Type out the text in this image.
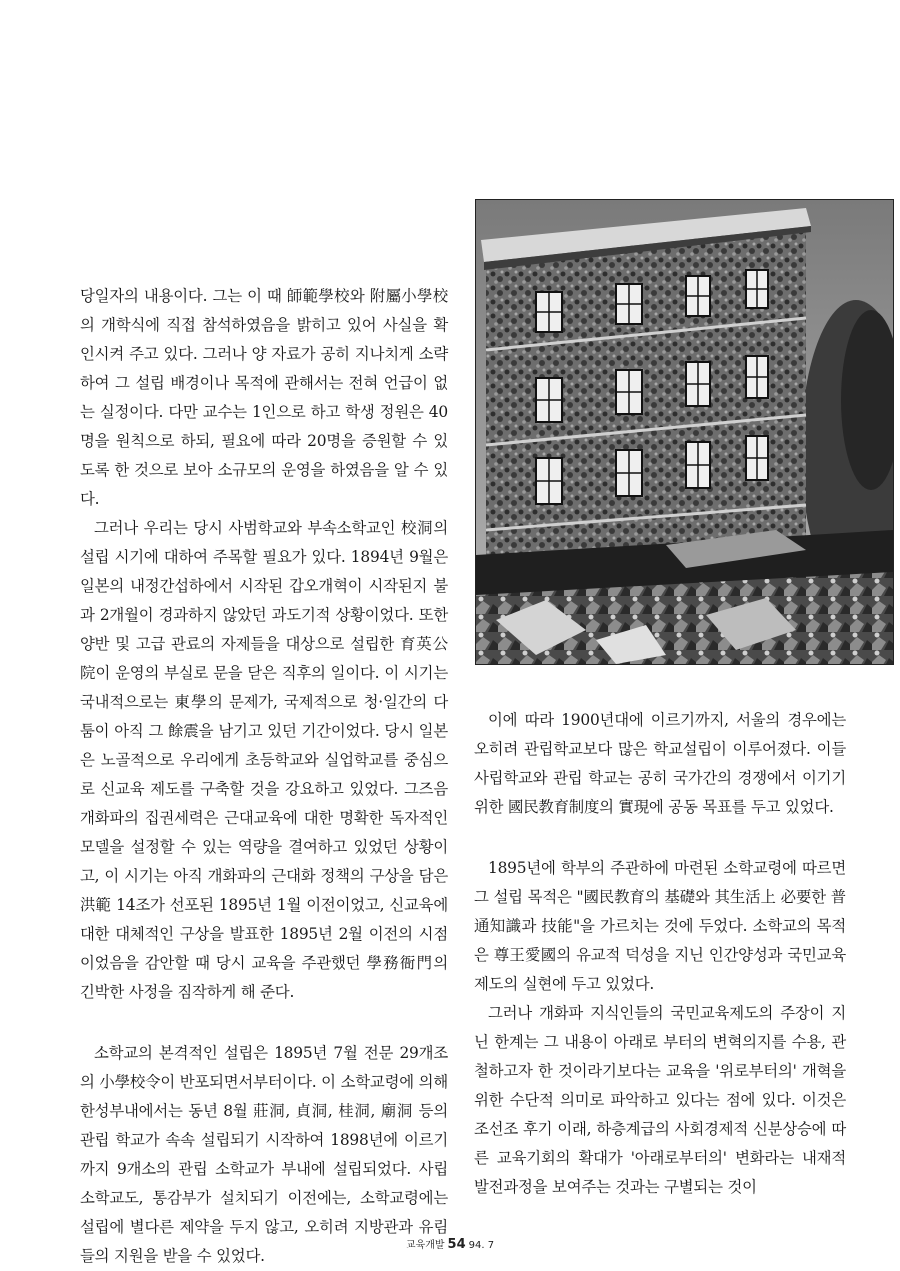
당일자의 내용이다. 그는 이 때 師範學校와 附屬小學校의 개학식에 직접 참석하였음을 밝히고 있어 사실을 확인시켜 주고 있다. 그러나 양 자료가 공히 지나치게 소략하여 그 설립 배경이나 목적에 관해서는 전혀 언급이 없는 실정이다. 다만 교수는 1인으로 하고 학생 정원은 40명을 원칙으로 하되, 필요에 따라 20명을 증원할 수 있도록 한 것으로 보아 소규모의 운영을 하였음을 알 수 있다.

그러나 우리는 당시 사범학교와 부속소학교인 校洞의 설립 시기에 대하여 주목할 필요가 있다. 1894년 9월은 일본의 내정간섭하에서 시작된 갑오개혁이 시작된지 불과 2개월이 경과하지 않았던 과도기적 상황이었다. 또한 양반 및 고급 관료의 자제들을 대상으로 설립한 育英公院이 운영의 부실로 문을 닫은 직후의 일이다. 이 시기는 국내적으로는 東學의 문제가, 국제적으로 청·일간의 다툼이 아직 그 餘震을 남기고 있던 기간이었다. 당시 일본은 노골적으로 우리에게 초등학교와 실업학교를 중심으로 신교육 제도를 구축할 것을 강요하고 있었다. 그즈음 개화파의 집권세력은 근대교육에 대한 명확한 독자적인 모델을 설정할 수 있는 역량을 결여하고 있었던 상황이고, 이 시기는 아직 개화파의 근대화 정책의 구상을 담은 洪範 14조가 선포된 1895년 1월 이전이었고, 신교육에 대한 대체적인 구상을 발표한 1895년 2월 이전의 시점이었음을 감안할 때 당시 교육을 주관했던 學務衙門의 긴박한 사정을 짐작하게 해 준다.

소학교의 본격적인 설립은 1895년 7월 전문 29개조의 小學校令이 반포되면서부터이다. 이 소학교령에 의해 한성부내에서는 동년 8월 莊洞, 貞洞, 桂洞, 廟洞 등의 관립 학교가 속속 설립되기 시작하여 1898년에 이르기까지 9개소의 관립 소학교가 부내에 설립되었다. 사립 소학교도, 통감부가 설치되기 이전에는, 소학교령에는 설립에 별다른 제약을 두지 않고, 오히려 지방관과 유림들의 지원을 받을 수 있었다.

이에 따라 1900년대에 이르기까지, 서울의 경우에는 오히려 관립학교보다 많은 학교설립이 이루어졌다. 이들 사립학교와 관립 학교는 공히 국가간의 경쟁에서 이기기 위한 國民教育制度의 實現에 공동 목표를 두고 있었다.

1895년에 학부의 주관하에 마련된 소학교령에 따르면 그 설립 목적은 "國民教育의 基礎와 其生活上 必要한 普通知識과 技能"을 가르치는 것에 두었다. 소학교의 목적은 尊王愛國의 유교적 덕성을 지닌 인간양성과 국민교육제도의 실현에 두고 있었다.

그러나 개화파 지식인들의 국민교육제도의 주장이 지닌 한계는 그 내용이 아래로 부터의 변혁의지를 수용, 관철하고자 한 것이라기보다는 교육을 '위로부터의' 개혁을 위한 수단적 의미로 파악하고 있다는 점에 있다. 이것은 조선조 후기 이래, 하층계급의 사회경제적 신분상승에 따른 교육기회의 확대가 '아래로부터의' 변화라는 내재적 발전과정을 보여주는 것과는 구별되는 것이

교육개발 54 94. 7
